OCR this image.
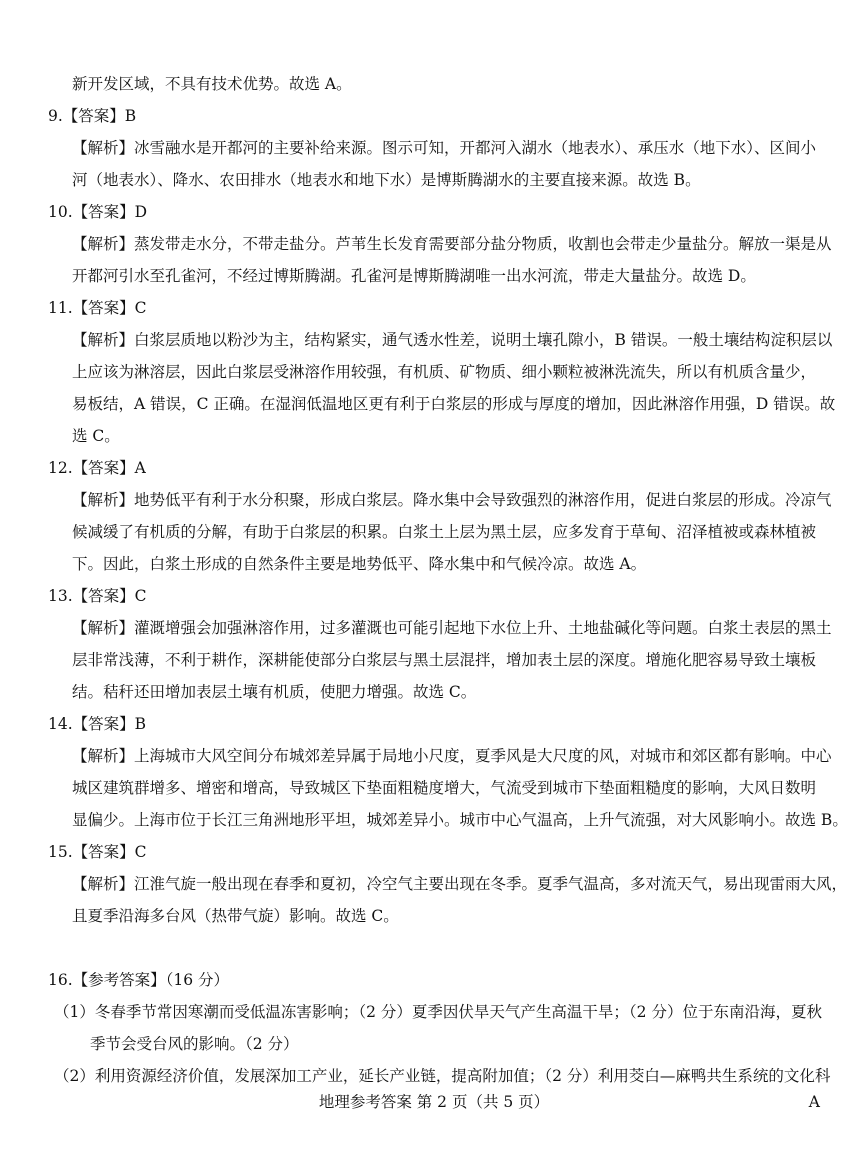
新开发区域，不具有技术优势。故选 A。
9.【答案】B
【解析】冰雪融水是开都河的主要补给来源。图示可知，开都河入湖水（地表水）、承压水（地下水）、区间小
河（地表水）、降水、农田排水（地表水和地下水）是博斯腾湖水的主要直接来源。故选 B。
10.【答案】D
【解析】蒸发带走水分，不带走盐分。芦苇生长发育需要部分盐分物质，收割也会带走少量盐分。解放一渠是从
开都河引水至孔雀河，不经过博斯腾湖。孔雀河是博斯腾湖唯一出水河流，带走大量盐分。故选 D。
11.【答案】C
【解析】白浆层质地以粉沙为主，结构紧实，通气透水性差，说明土壤孔隙小，B 错误。一般土壤结构淀积层以
上应该为淋溶层，因此白浆层受淋溶作用较强，有机质、矿物质、细小颗粒被淋洗流失，所以有机质含量少，
易板结，A 错误，C 正确。在湿润低温地区更有利于白浆层的形成与厚度的增加，因此淋溶作用强，D 错误。故
选 C。
12.【答案】A
【解析】地势低平有利于水分积聚，形成白浆层。降水集中会导致强烈的淋溶作用，促进白浆层的形成。冷凉气
候减缓了有机质的分解，有助于白浆层的积累。白浆土上层为黑土层，应多发育于草甸、沼泽植被或森林植被
下。因此，白浆土形成的自然条件主要是地势低平、降水集中和气候冷凉。故选 A。
13.【答案】C
【解析】灌溉增强会加强淋溶作用，过多灌溉也可能引起地下水位上升、土地盐碱化等问题。白浆土表层的黑土
层非常浅薄，不利于耕作，深耕能使部分白浆层与黑土层混拌，增加表土层的深度。增施化肥容易导致土壤板
结。秸秆还田增加表层土壤有机质，使肥力增强。故选 C。
14.【答案】B
【解析】上海城市大风空间分布城郊差异属于局地小尺度，夏季风是大尺度的风，对城市和郊区都有影响。中心
城区建筑群增多、增密和增高，导致城区下垫面粗糙度增大，气流受到城市下垫面粗糙度的影响，大风日数明
显偏少。上海市位于长江三角洲地形平坦，城郊差异小。城市中心气温高，上升气流强，对大风影响小。故选 B。
15.【答案】C
【解析】江淮气旋一般出现在春季和夏初，冷空气主要出现在冬季。夏季气温高，多对流天气，易出现雷雨大风，
且夏季沿海多台风（热带气旋）影响。故选 C。
16.【参考答案】（16 分）
（1）冬春季节常因寒潮而受低温冻害影响；（2 分）夏季因伏旱天气产生高温干旱；（2 分）位于东南沿海，夏秋
季节会受台风的影响。（2 分）
（2）利用资源经济价值，发展深加工产业，延长产业链，提高附加值；（2 分）利用茭白—麻鸭共生系统的文化科
地理参考答案 第 2 页（共 5 页）	A
